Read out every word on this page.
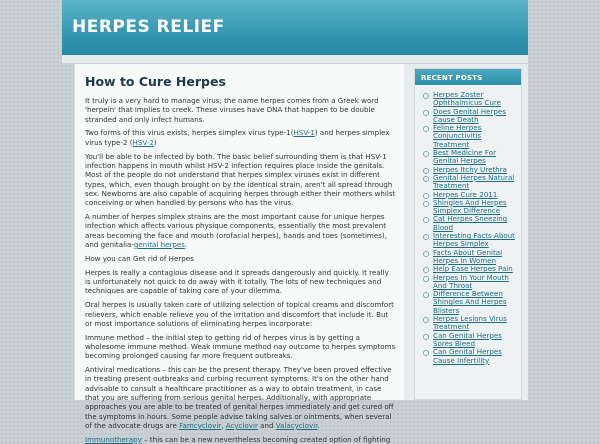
HERPES RELIEF
How to Cure Herpes

It truly is a very hard to manage virus; the name herpes comes from a Greek word 'herpein' that implies to creek. These viruses have DNA that happen to be double stranded and only infect humans.

Two forms of this virus exists, herpes simplex virus type-1(HSV-1) and herpes simplex virus type-2 (HSV-2)

You'll be able to be infected by both. The basic belief surrounding them is that HSV-1 infection happens in mouth whilst HSV-2 infection requires place inside the genitals. Most of the people do not understand that herpes simplex viruses exist in different types, which, even though brought on by the identical strain, aren't all spread through sex. Newborns are also capable of acquiring herpes through either their mothers whilst conceiving or when handled by persons who has the virus.

A number of herpes simplex strains are the most important cause for unique herpes infection which affects various physique components, essentially the most prevalent areas becoming the face and mouth (orofacial herpes), hands and toes (sometimes), and genitalia-genital herpes.

How you can Get rid of Herpes

Herpes is really a contagious disease and it spreads dangerously and quickly. It really is unfortunately not quick to do away with it totally. The lots of new techniques and techniques are capable of taking care of your dilemma.

Oral herpes is usually taken care of utilizing selection of topical creams and discomfort relievers, which enable relieve you of the irritation and discomfort that include it. But or most importance solutions of eliminating herpes incorporate:

Immune method – the initial step to getting rid of herpes virus is by getting a wholesome immune method. Weak immune method nay outcome to herpes symptoms becoming prolonged causing far more frequent outbreaks.

Antiviral medications – this can be the present therapy. They've been proved effective in treating present outbreaks and curbing recurrent symptoms. It's on the other hand advisable to consult a healthcare practitioner as a way to obtain treatment, in case that you are suffering from serious genital herpes. Additionally, with appropriate approaches you are able to be treated of genital herpes immediately and get cured off the symptoms in hours. Some people advise taking salves or ointments, when several of the advocate drugs are Famcyclovir, Acyclovir and Valacyclovir.

Immunotherapy – this can be a new nevertheless becoming created option of fighting

RECENT POSTS
Herpes Zoster Ophthalmicus Cure
Does Genital Herpes Cause Death
Feline Herpes Conjunctivitis Treatment
Best Medicine For Genital Herpes
Herpes Itchy Urethra
Genital Herpes Natural Treatment
Herpes Cure 2011
Shingles And Herpes Simplex Difference
Cat Herpes Sneezing Blood
Interesting Facts About Herpes Simplex
Facts About Genital Herpes In Women
Help Ease Herpes Pain
Herpes In Your Mouth And Throat
Difference Between Shingles And Herpes Blisters
Herpes Lesions Virus Treatment
Can Genital Herpes Sores Bleed
Can Genital Herpes Cause Infertility
